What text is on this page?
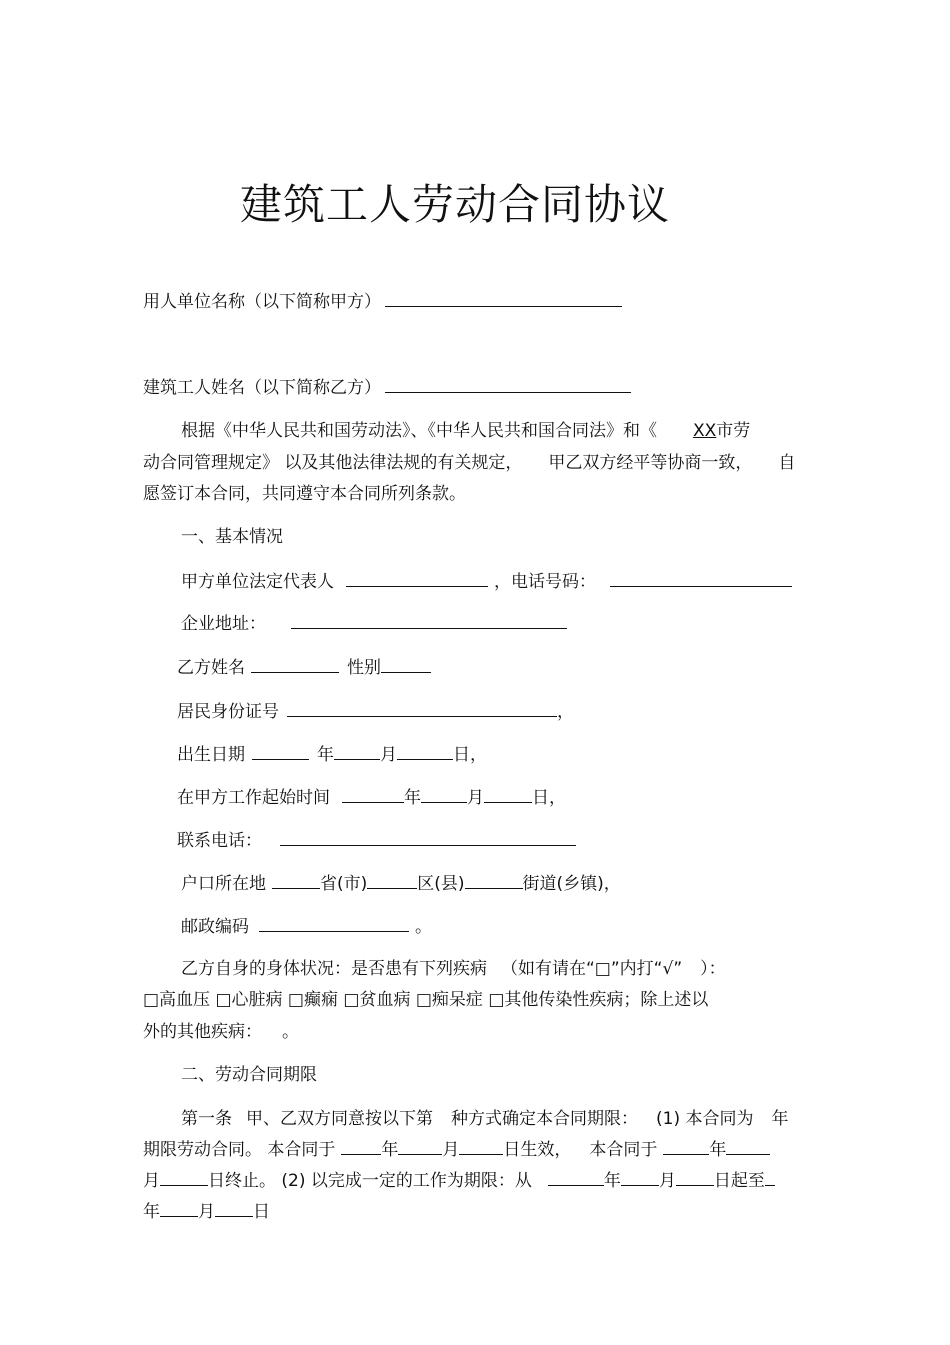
建筑工人劳动合同协议
用人单位名称（以下简称甲方）
建筑工人姓名（以下简称乙方）
根据《中华人民共和国劳动法》、《中华人民共和国合同法》和《 XX市劳
动合同管理规定》 以及其他法律法规的有关规定， 甲乙双方经平等协商一致， 自
愿签订本合同，共同遵守本合同所列条款。
一、基本情况
甲方单位法定代表人	，电话号码：
企业地址：
乙方姓名	性别
居民身份证号	，
出生日期	年	月	日，
在甲方工作起始时间	年	月	日，
联系电话：
户口所在地	省(市)	区(县)	街道(乡镇)，
邮政编码	。
乙方自身的身体状况：是否患有下列疾病 （如有请在“□”内打“√” ）：
□高血压 □心脏病 □癫痫 □贫血病 □痴呆症 □其他传染性疾病；除上述以
外的其他疾病： 。
二、劳动合同期限
第一条 甲、乙双方同意按以下第 种方式确定本合同期限： (1) 本合同为 年
期限劳动合同。 本合同于	年	月	日生效， 本合同于	年
月	日终止。 (2) 以完成一定的工作为期限：从	年 月 日起至
年 月 日
